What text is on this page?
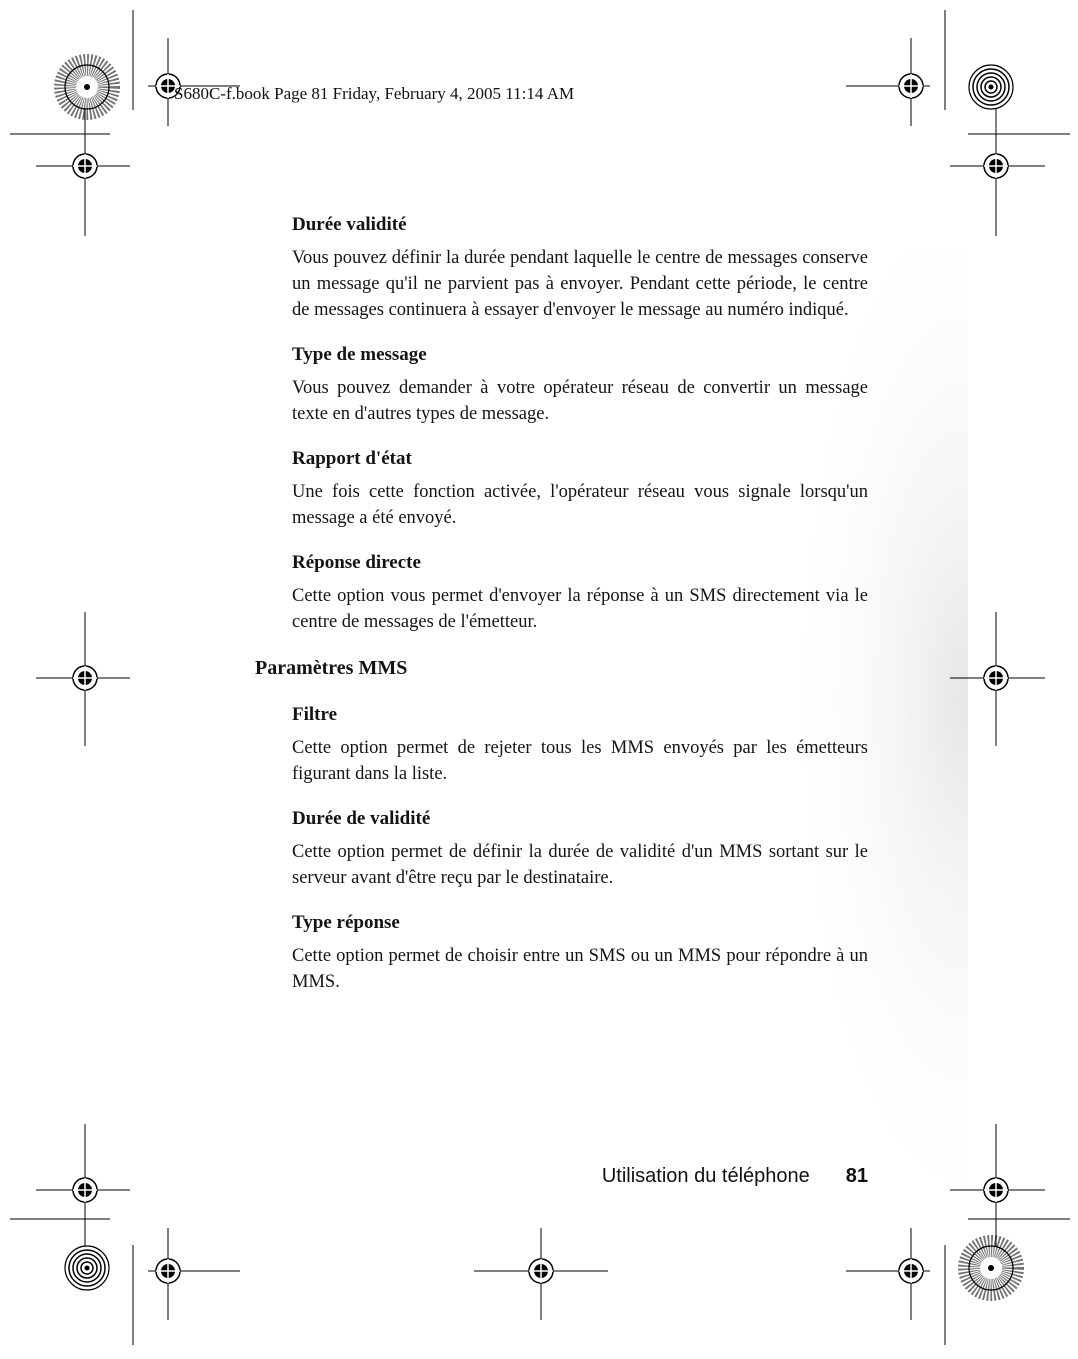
S680C-f.book Page 81 Friday, February 4, 2005 11:14 AM
Durée validité

Vous pouvez définir la durée pendant laquelle le centre de messages conserve un message qu'il ne parvient pas à envoyer. Pendant cette période, le centre de messages continuera à essayer d'envoyer le message au numéro indiqué.

Type de message

Vous pouvez demander à votre opérateur réseau de convertir un message texte en d'autres types de message.

Rapport d'état

Une fois cette fonction activée, l'opérateur réseau vous signale lorsqu'un message a été envoyé.

Réponse directe

Cette option vous permet d'envoyer la réponse à un SMS directement via le centre de messages de l'émetteur.

Paramètres MMS
Filtre

Cette option permet de rejeter tous les MMS envoyés par les émetteurs figurant dans la liste.

Durée de validité

Cette option permet de définir la durée de validité d'un MMS sortant sur le serveur avant d'être reçu par le destinataire.

Type réponse

Cette option permet de choisir entre un SMS ou un MMS pour répondre à un MMS.

Utilisation du téléphone 81
